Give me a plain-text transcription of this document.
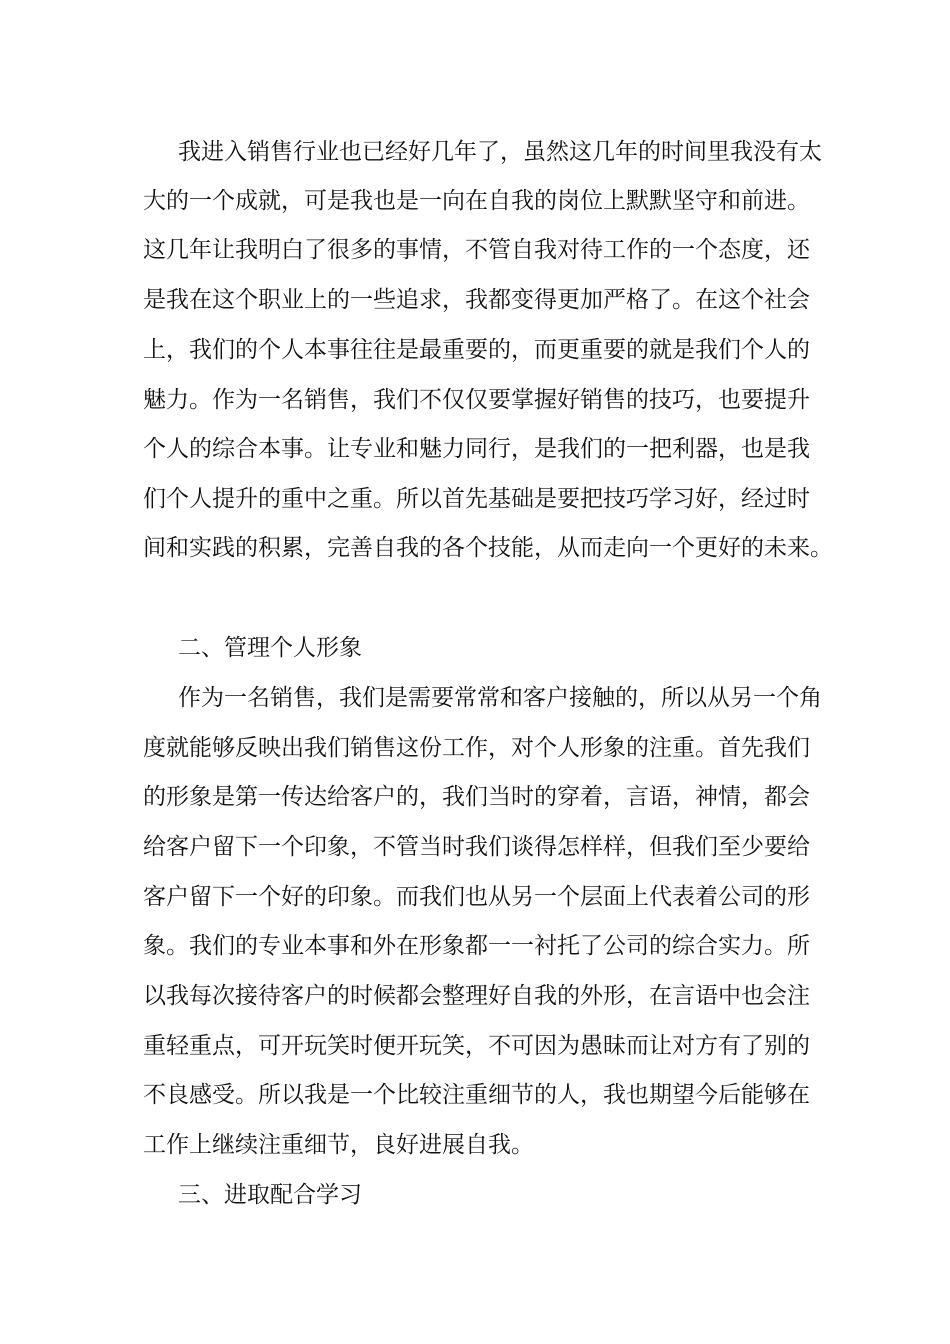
我进入销售行业也已经好几年了，虽然这几年的时间里我没有太
大的一个成就，可是我也是一向在自我的岗位上默默坚守和前进。
这几年让我明白了很多的事情，不管自我对待工作的一个态度，还
是我在这个职业上的一些追求，我都变得更加严格了。在这个社会
上，我们的个人本事往往是最重要的，而更重要的就是我们个人的
魅力。作为一名销售，我们不仅仅要掌握好销售的技巧，也要提升
个人的综合本事。让专业和魅力同行，是我们的一把利器，也是我
们个人提升的重中之重。所以首先基础是要把技巧学习好，经过时
间和实践的积累，完善自我的各个技能，从而走向一个更好的未来。
二、管理个人形象
作为一名销售，我们是需要常常和客户接触的，所以从另一个角
度就能够反映出我们销售这份工作，对个人形象的注重。首先我们
的形象是第一传达给客户的，我们当时的穿着，言语，神情，都会
给客户留下一个印象，不管当时我们谈得怎样样，但我们至少要给
客户留下一个好的印象。而我们也从另一个层面上代表着公司的形
象。我们的专业本事和外在形象都一一衬托了公司的综合实力。所
以我每次接待客户的时候都会整理好自我的外形，在言语中也会注
重轻重点，可开玩笑时便开玩笑，不可因为愚昧而让对方有了别的
不良感受。所以我是一个比较注重细节的人，我也期望今后能够在
工作上继续注重细节，良好进展自我。
三、进取配合学习
